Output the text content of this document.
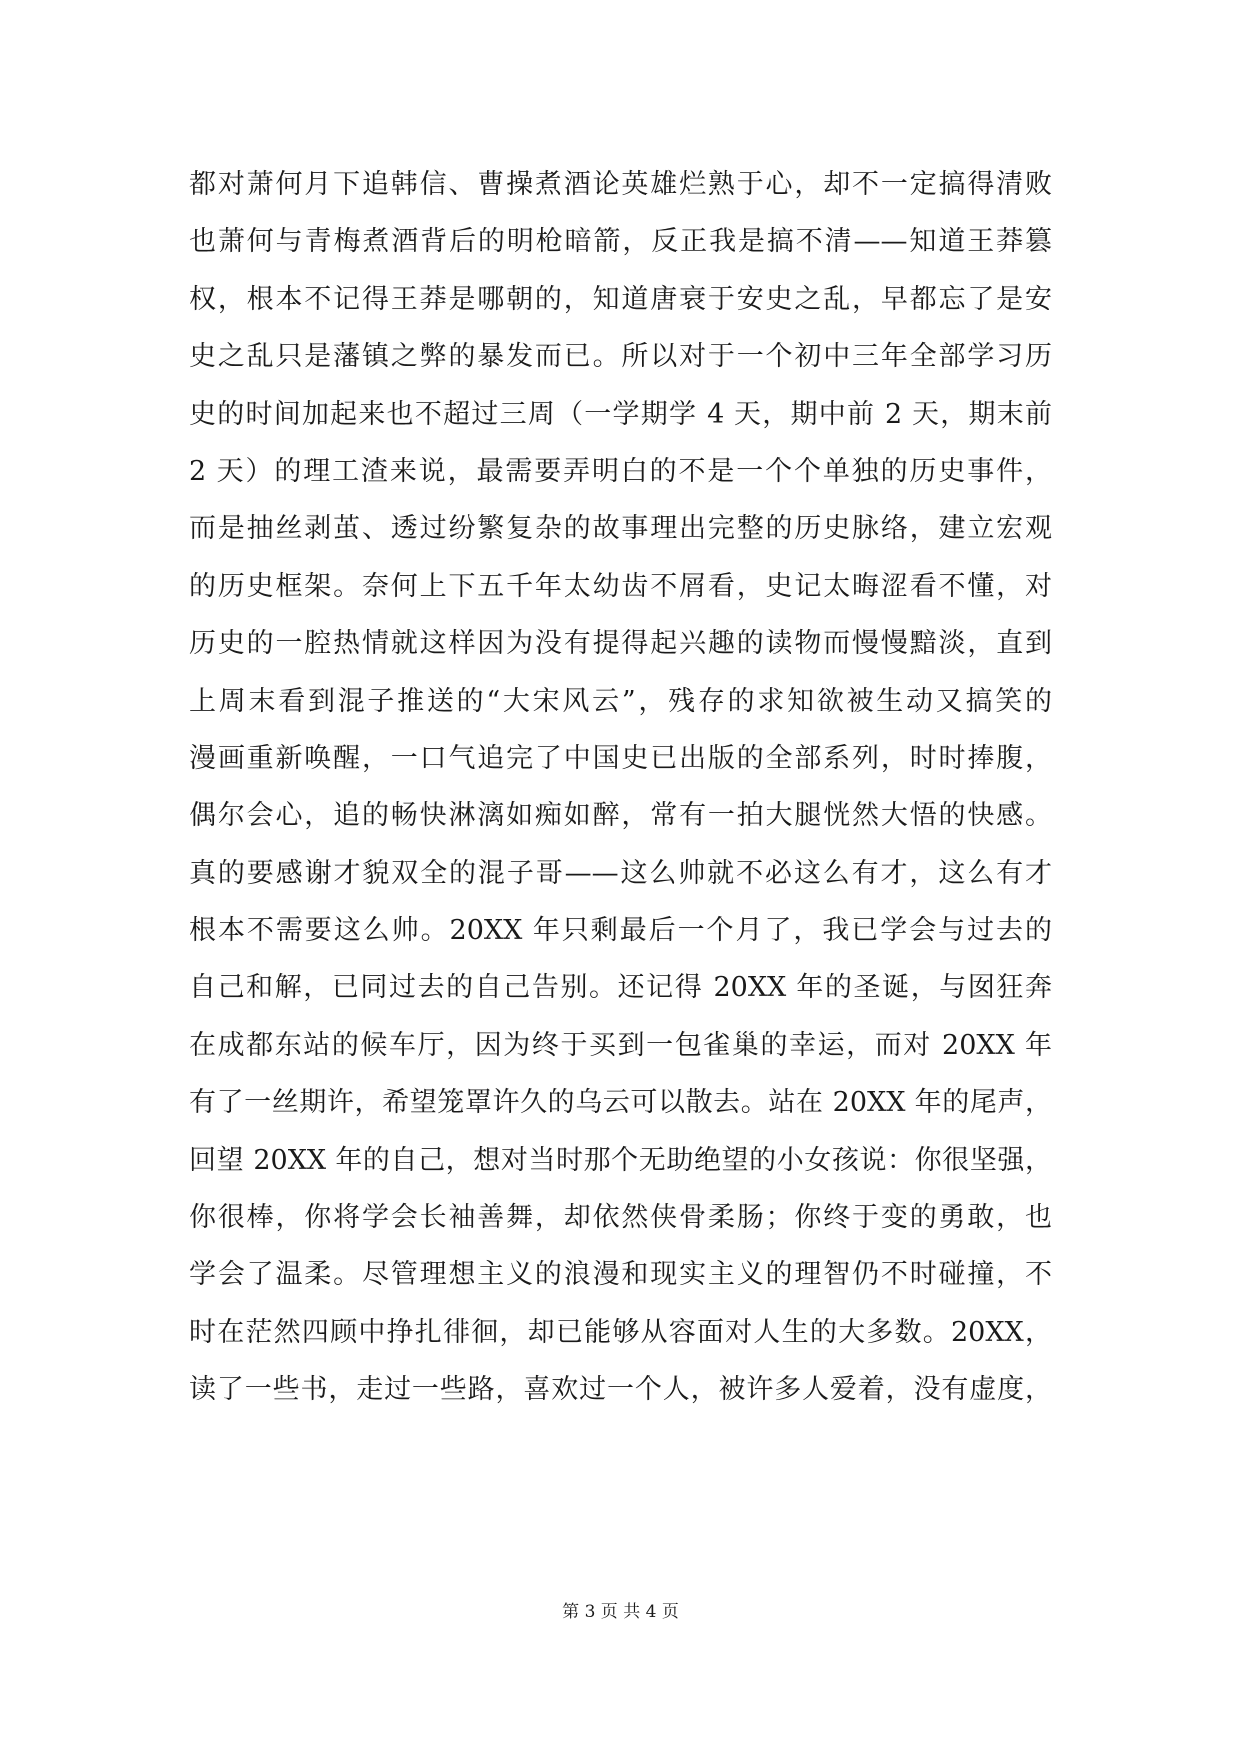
都对萧何月下追韩信、曹操煮酒论英雄烂熟于心，却不一定搞得清败
也萧何与青梅煮酒背后的明枪暗箭，反正我是搞不清——知道王莽篡
权，根本不记得王莽是哪朝的，知道唐衰于安史之乱，早都忘了是安
史之乱只是藩镇之弊的暴发而已。所以对于一个初中三年全部学习历
史的时间加起来也不超过三周（一学期学 4 天，期中前 2 天，期末前
2 天）的理工渣来说，最需要弄明白的不是一个个单独的历史事件，
而是抽丝剥茧、透过纷繁复杂的故事理出完整的历史脉络，建立宏观
的历史框架。奈何上下五千年太幼齿不屑看，史记太晦涩看不懂，对
历史的一腔热情就这样因为没有提得起兴趣的读物而慢慢黯淡，直到
上周末看到混子推送的“大宋风云”，残存的求知欲被生动又搞笑的
漫画重新唤醒，一口气追完了中国史已出版的全部系列，时时捧腹，
偶尔会心，追的畅快淋漓如痴如醉，常有一拍大腿恍然大悟的快感。
真的要感谢才貌双全的混子哥——这么帅就不必这么有才，这么有才
根本不需要这么帅。20XX 年只剩最后一个月了，我已学会与过去的
自己和解，已同过去的自己告别。还记得 20XX 年的圣诞，与囡狂奔
在成都东站的候车厅，因为终于买到一包雀巢的幸运，而对 20XX 年
有了一丝期许，希望笼罩许久的乌云可以散去。站在 20XX 年的尾声，
回望 20XX 年的自己，想对当时那个无助绝望的小女孩说：你很坚强，
你很棒，你将学会长袖善舞，却依然侠骨柔肠；你终于变的勇敢，也
学会了温柔。尽管理想主义的浪漫和现实主义的理智仍不时碰撞，不
时在茫然四顾中挣扎徘徊，却已能够从容面对人生的大多数。20XX，
读了一些书，走过一些路，喜欢过一个人，被许多人爱着，没有虚度，
第 3 页 共 4 页
